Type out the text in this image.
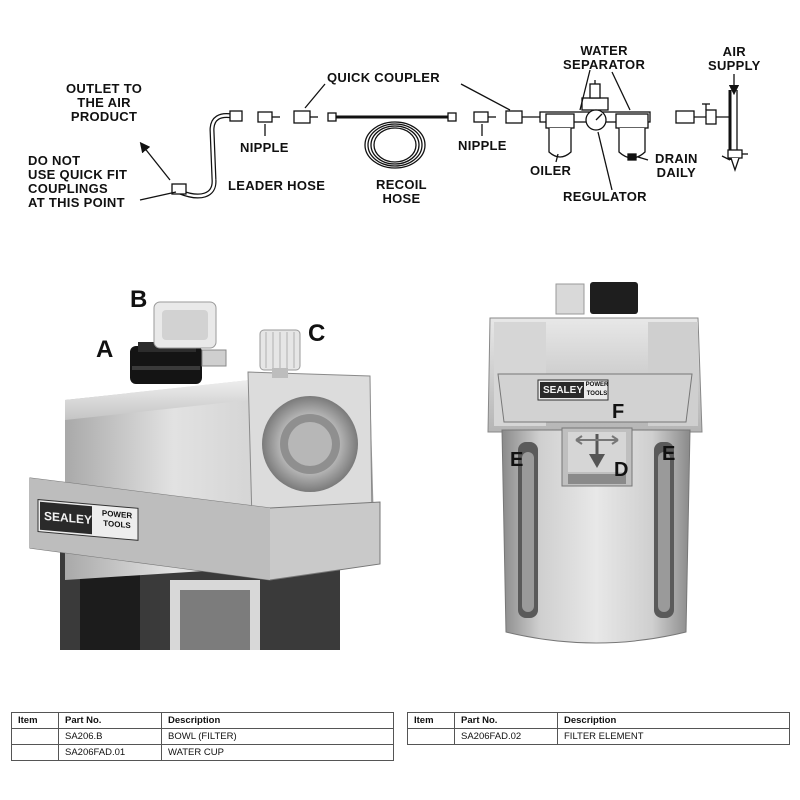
OUTLET TO
THE AIR
PRODUCT
DO NOT
USE QUICK FIT
COUPLINGS
AT THIS POINT
NIPPLE
LEADER HOSE
QUICK COUPLER
RECOIL
HOSE
NIPPLE
WATER
SEPARATOR
OILER
REGULATOR
DRAIN
DAILY
AIR
SUPPLY
B
A
C
SEALEY	POWER
TOOLS
SEALEY POWER
TOOLS
F
D
E	E
Item	Part No.	Description
	SA206.B	BOWL (FILTER)
	SA206FAD.01	WATER CUP
Item	Part No.	Description
	SA206FAD.02	FILTER ELEMENT
